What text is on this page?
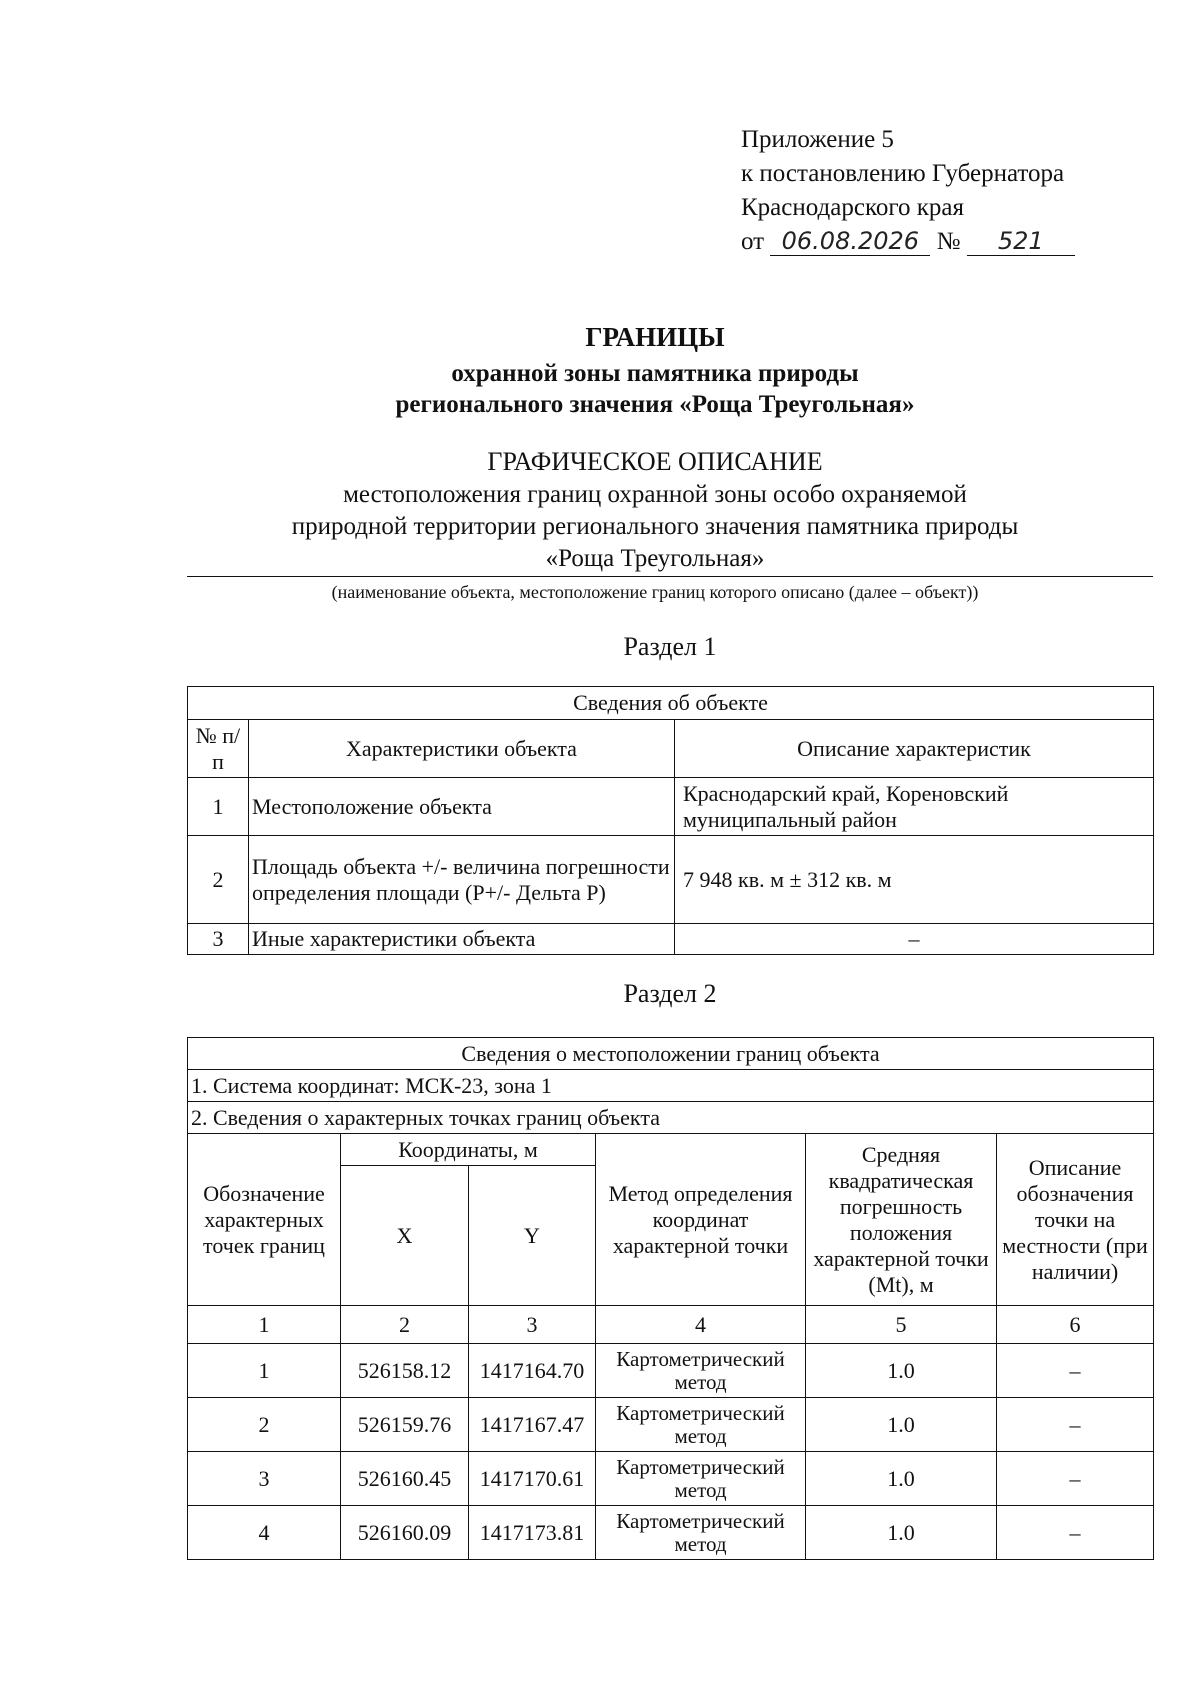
Приложение 5
к постановлению Губернатора
Краснодарского края
от 06.08.2026 № 521
ГРАНИЦЫ
охранной зоны памятника природы
регионального значения «Роща Треугольная»
ГРАФИЧЕСКОЕ ОПИСАНИЕ
местоположения границ охранной зоны особо охраняемой
природной территории регионального значения памятника природы
«Роща Треугольная»
(наименование объекта, местоположение границ которого описано (далее – объект))
Раздел 1
Сведения об объекте		
№ п/п	Характеристики объекта	Описание характеристик
1	Местоположение объекта	Краснодарский край, Кореновский муниципальный район
2	Площадь объекта +/- величина погрешности определения площади (Р+/- Дельта Р)	7 948 кв. м ± 312 кв. м
3	Иные характеристики объекта	–
Раздел 2
Сведения о местоположении границ объекта					
1. Система координат: МСК-23, зона 1					
2. Сведения о характерных точках границ объекта					
Обозначение характерных точек границ	Координаты, м		Метод определения координат характерной точки	Средняя квадратическая погрешность положения характерной точки (Mt), м	Описание обозначения точки на местности (при наличии)
	X	Y			
1	2	3	4	5	6
1	526158.12	1417164.70	Картометрический метод	1.0	–
2	526159.76	1417167.47	Картометрический метод	1.0	–
3	526160.45	1417170.61	Картометрический метод	1.0	–
4	526160.09	1417173.81	Картометрический метод	1.0	–
